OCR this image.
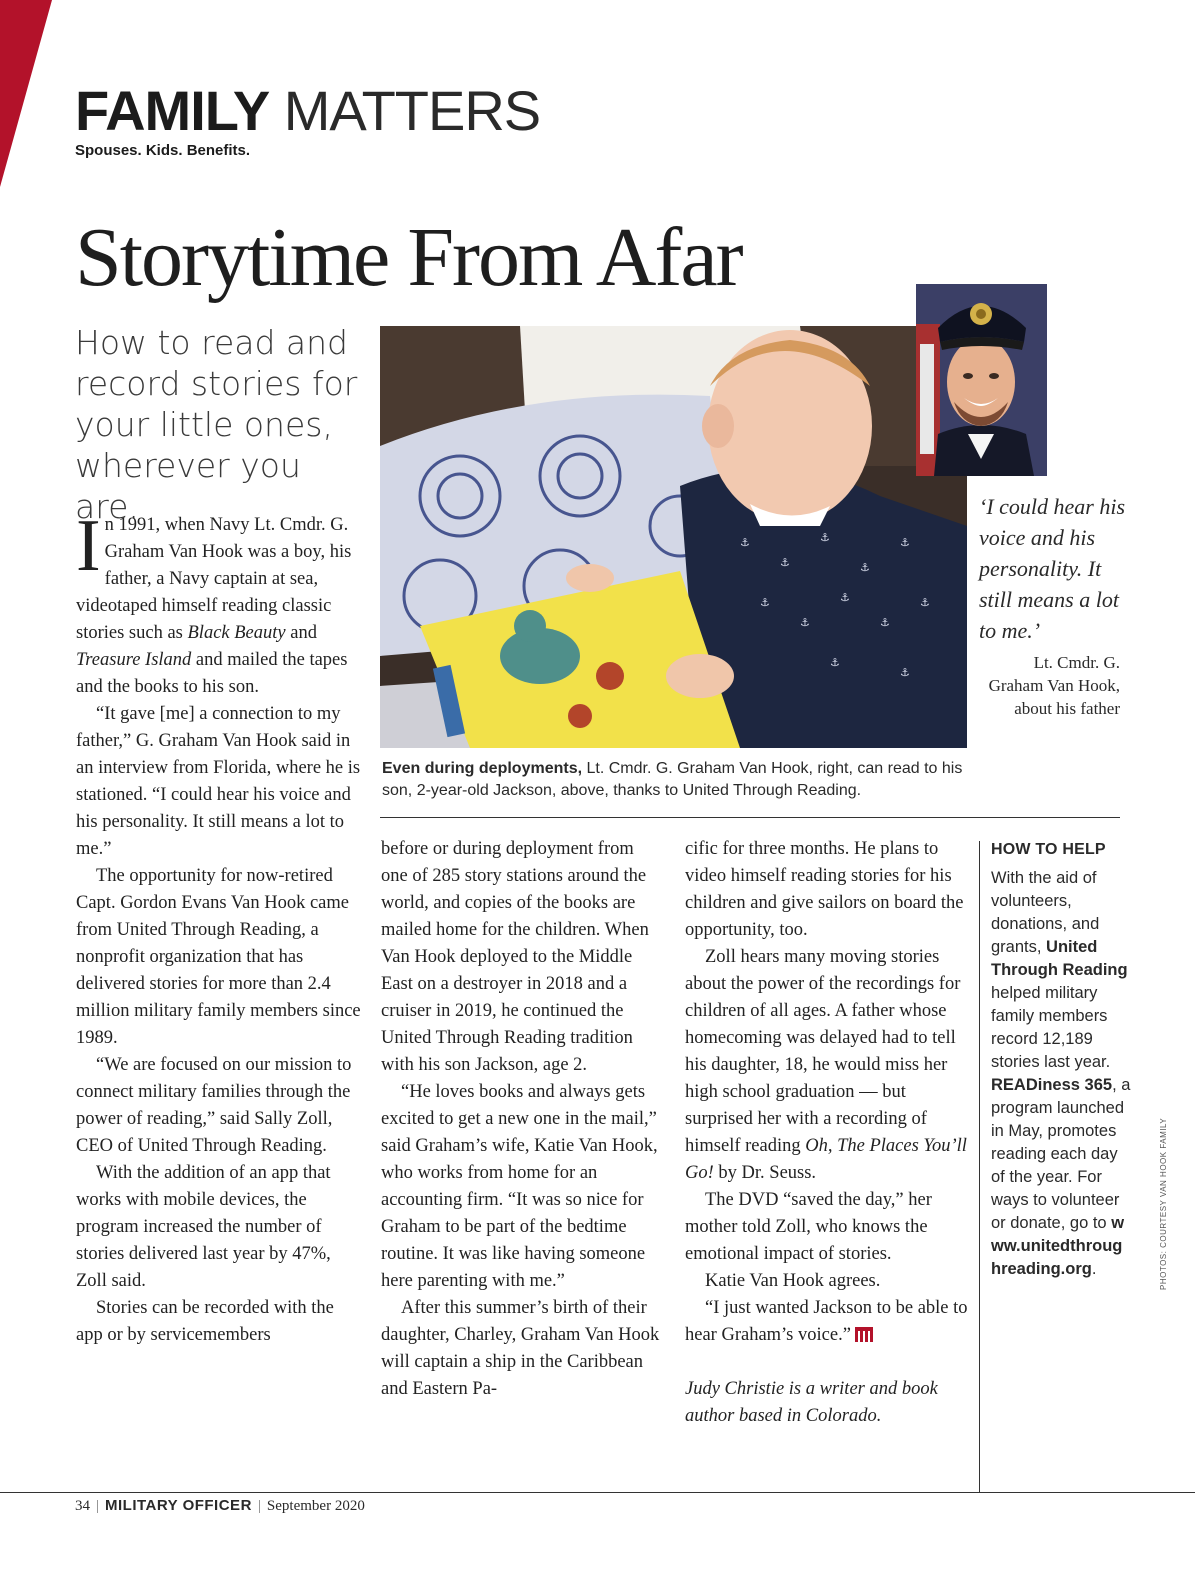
FAMILY MATTERS
Spouses. Kids. Benefits.
Storytime From Afar
How to read and record stories for your little ones, wherever you are.
⚓
⚓
⚓
⚓
⚓
⚓
⚓
⚓
⚓
⚓
⚓
⚓
Even during deployments, Lt. Cmdr. G. Graham Van Hook, right, can read to his son, 2-year-old Jackson, above, thanks to United Through Reading.
‘I could hear his voice and his personality. It still means a lot to me.’
Lt. Cmdr. G. Graham Van Hook, about his father

In 1991, when Navy Lt. Cmdr. G. Graham Van Hook was a boy, his father, a Navy captain at sea, videotaped himself reading classic stories such as Black Beauty and Treasure Island and mailed the tapes and the books to his son.

“It gave [me] a connection to my father,” G. Graham Van Hook said in an interview from Florida, where he is stationed. “I could hear his voice and his personality. It still means a lot to me.”

The opportunity for now-retired Capt. Gordon Evans Van Hook came from United Through Reading, a nonprofit organization that has delivered stories for more than 2.4 million military family members since 1989.

“We are focused on our mission to connect military families through the power of reading,” said Sally Zoll, CEO of United Through Reading.

With the addition of an app that works with mobile devices, the program increased the number of stories delivered last year by 47%, Zoll said.

Stories can be recorded with the app or by servicemembers

before or during deployment from one of 285 story stations around the world, and copies of the books are mailed home for the children. When Van Hook deployed to the Middle East on a destroyer in 2018 and a cruiser in 2019, he continued the United Through Reading tradition with his son Jackson, age 2.

“He loves books and always gets excited to get a new one in the mail,” said Graham’s wife, Katie Van Hook, who works from home for an accounting firm. “It was so nice for Graham to be part of the bedtime routine. It was like having someone here parenting with me.”

After this summer’s birth of their daughter, Charley, Graham Van Hook will captain a ship in the Caribbean and Eastern Pa-

cific for three months. He plans to video himself reading stories for his children and give sailors on board the opportunity, too.

Zoll hears many moving stories about the power of the recordings for children of all ages. A father whose homecoming was delayed had to tell his daughter, 18, he would miss her high school graduation — but surprised her with a recording of himself reading Oh, The Places You’ll Go! by Dr. Seuss.

The DVD “saved the day,” her mother told Zoll, who knows the emotional impact of stories.

Katie Van Hook agrees.

“I just wanted Jackson to be able to hear Graham’s voice.”

Judy Christie is a writer and book author based in Colorado.

HOW TO HELP
With the aid of volunteers, donations, and grants, United Through Reading helped military family members record 12,189 stories last year. READiness 365, a program launched in May, promotes reading each day of the year. For ways to volunteer or donate, go to www.unitedthroughreading.org.	PHOTOS: COURTESY VAN HOOK FAMILY
34 | MILITARY OFFICER | September 2020
